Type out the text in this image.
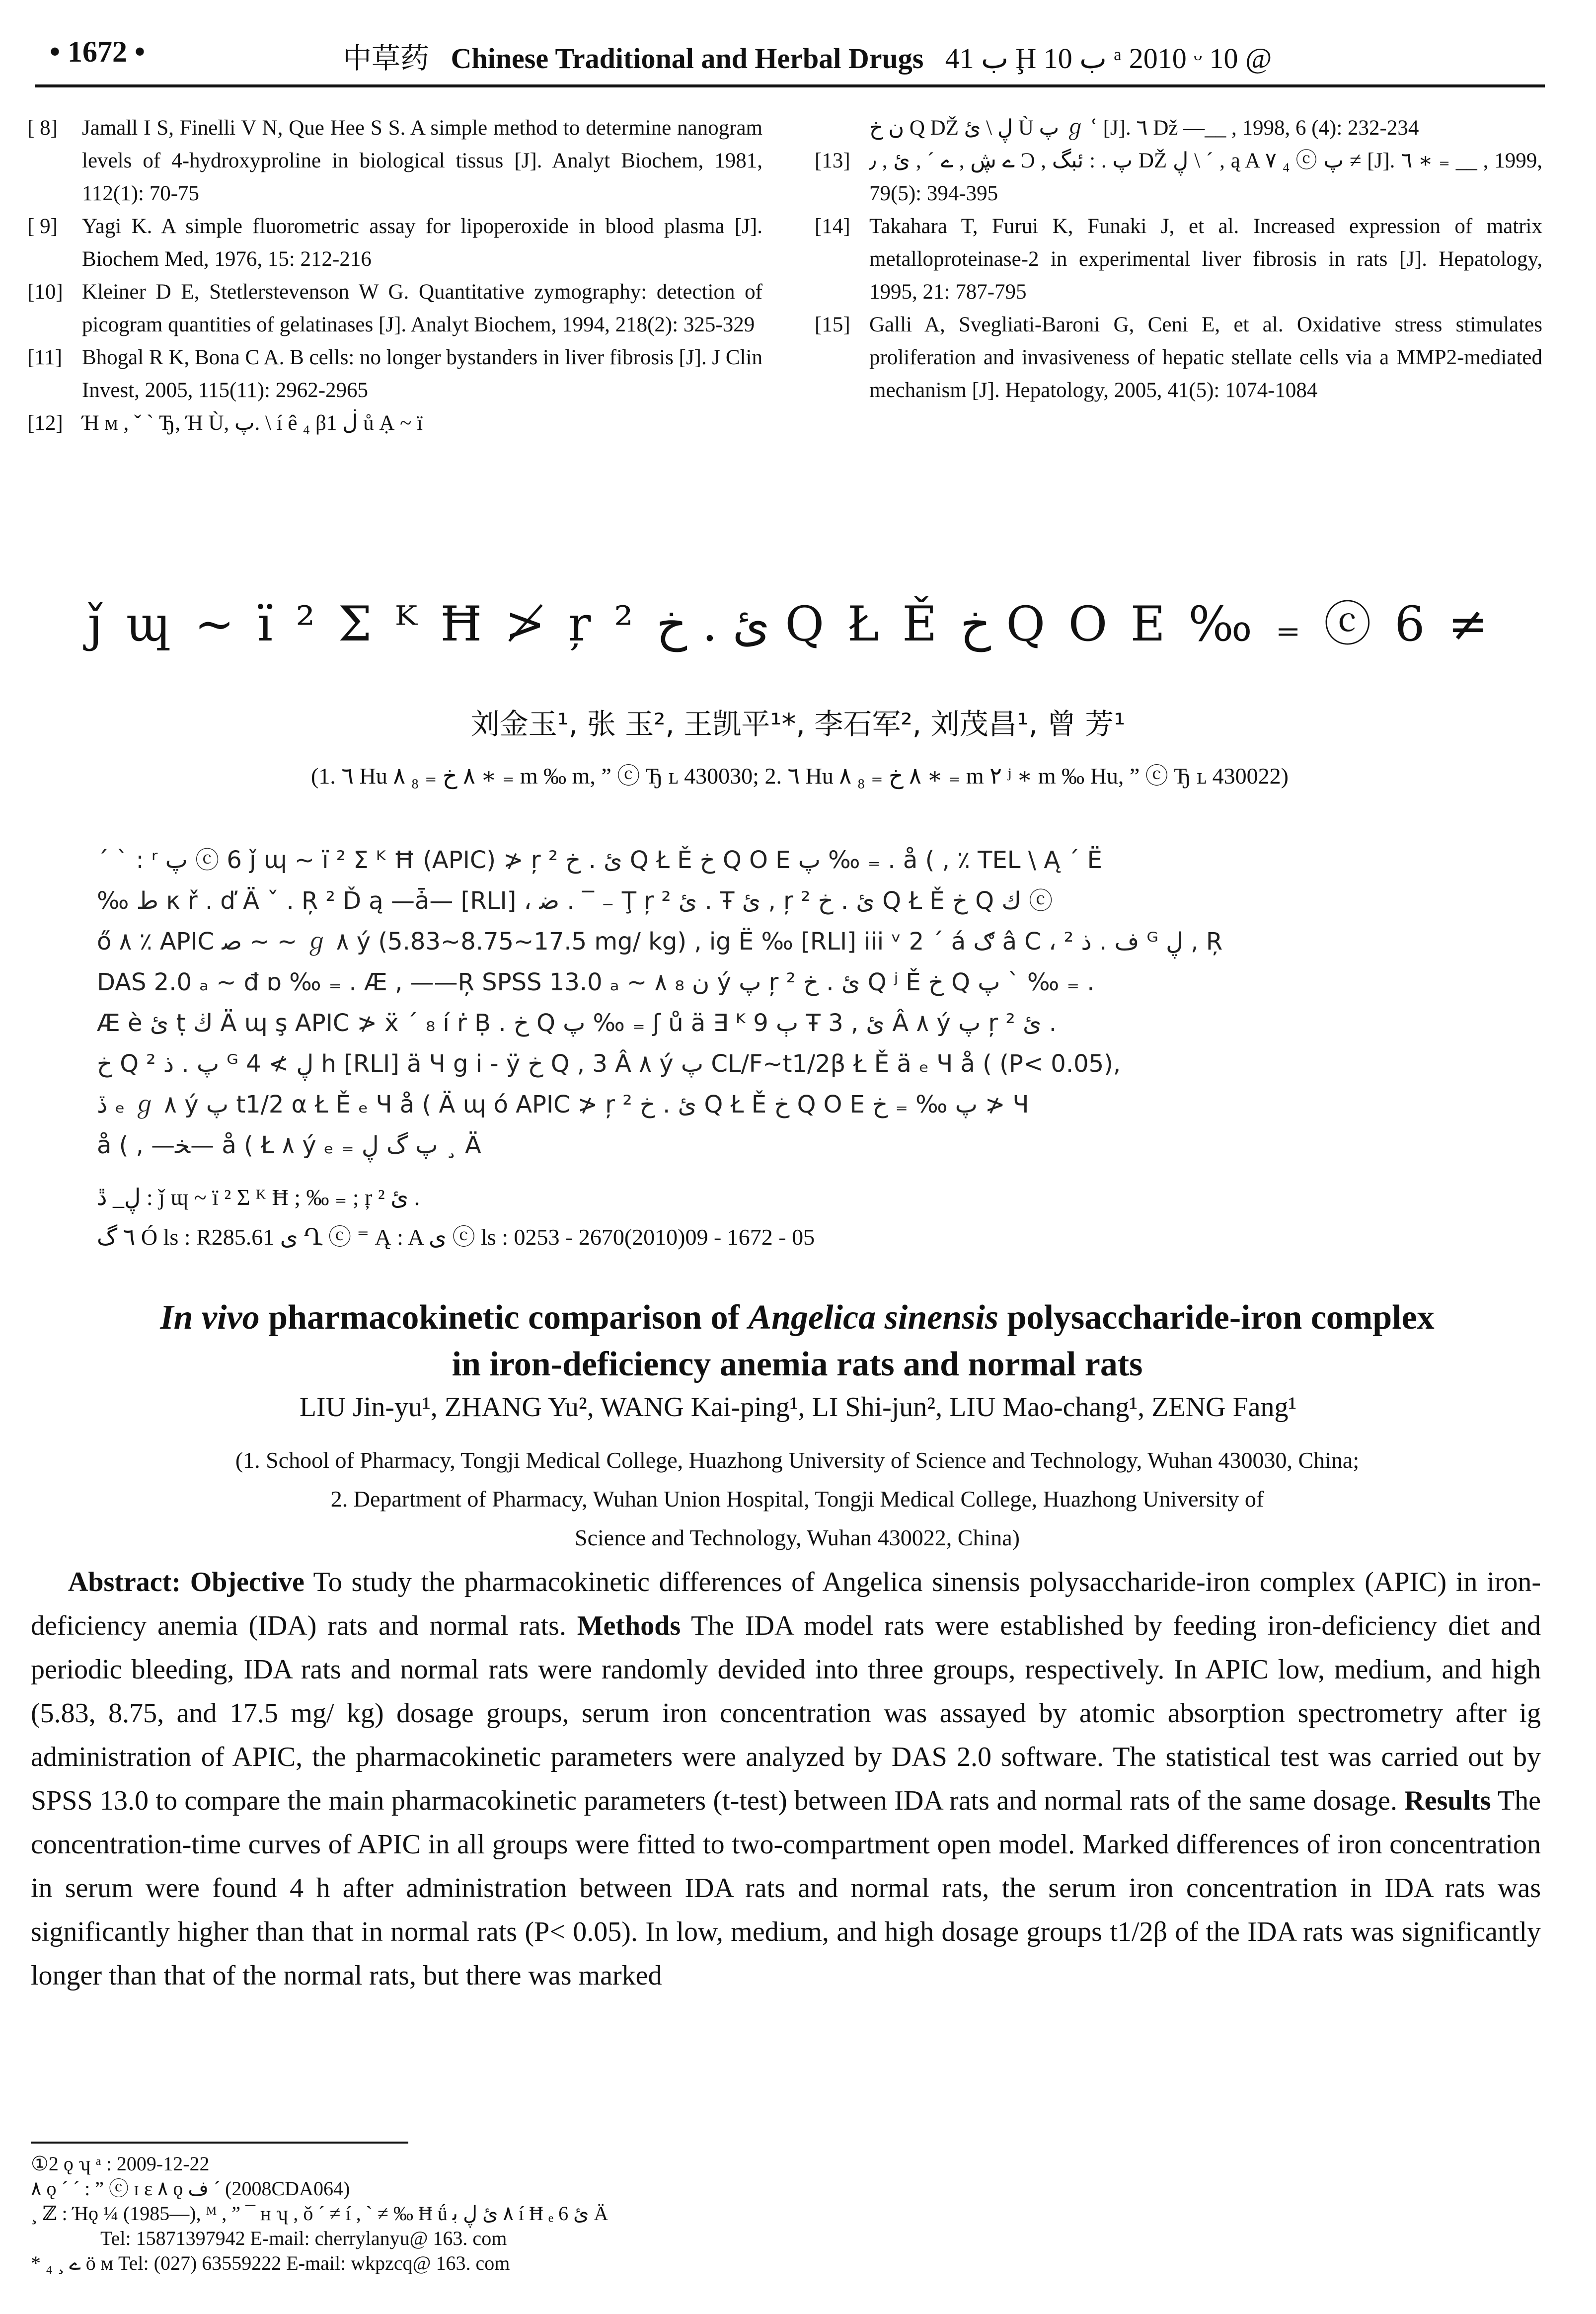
• 1672 •	中草药 Chinese Traditional and Herbal Drugs ب 41 Ḩ ب 10 ᵃ 2010 ᵕ 10 @
[ 8]	Jamall I S, Finelli V N, Que Hee S S. A simple method to determine nanogram levels of 4-hydroxyproline in biological tissus [J]. Analyt Biochem, 1981, 112(1): 70-75
[ 9]	Yagi K. A simple fluorometric assay for lipoperoxide in blood plasma [J]. Biochem Med, 1976, 15: 212-216
[10] Kleiner D E, Stetlerstevenson W G. Quantitative zymography: detection of picogram quantities of gelatinases [J]. Analyt Biochem, 1994, 218(2): 325-329
[11] Bhogal R K, Bona C A. B cells: no longer bystanders in liver fibrosis [J]. J Clin Invest, 2005, 115(11): 2962-2965
[12] Ή м , ˇ ˋ Ђ, Ή Ù, پ. \ í ê ₄ β1 ڶ ů Ạ ~ ï
ن خ Q DŽ ڸ \ ئ Ù پ ℊ ՙ [J]. ٦ Dž —__ , 1998, 6 (4): 232-234
[13] ے ڜ , ے ˊ , ئ , ٫ Ɔ , پ . : ئبگ DŽ ڸ \ ˊ , ą A ٧ ₄ ⓒ پ ≠ [J]. ٦ ∗ ₌ __ , 1999, 79(5): 394-395
[14] Takahara T, Furui K, Funaki J, et al. Increased expression of matrix metalloproteinase-2 in experimental liver fibrosis in rats [J]. Hepatology, 1995, 21: 787-795
[15] Galli A, Svegliati-Baroni G, Ceni E, et al. Oxidative stress stimulates proliferation and invasiveness of hepatic stellate cells via a MMP2-mediated mechanism [J]. Hepatology, 2005, 41(5): 1074-1084
ǰ ɰ ~ ï ² Σ ᴷ Ħ ≯ ŗ ² ئ . خ Q Ł Ě خ Q O E ‰ ₌ ⓒ 6 ≠
刘金玉¹, 张 玉², 王凯平¹*, 李石军², 刘茂昌¹, 曾 芳¹
(1. ٦ Hu ٨ خ ₌ ₈ ٨ ∗ ₌ m ‰ m, ” ⓒ Ђ ʟ 430030; 2. ٦ Hu ٨ خ ₌ ₈ ٨ ∗ ₌ m ٢ ʲ ∗ m ‰ Hu, ” ⓒ Ђ ʟ 430022)

ˊ ˋ : ʳ پ ⓒ 6 ǰ ɰ ~ ï ² Σ ᴷ Ħ (APIC) ≯ ŗ ² ئ . خ Q Ł Ě خ Q O E پ ‰ ₌ . å ( , ٪ TEL \ Ą ˊ Ë

‰ ط κ ř . ď Ä ˇ . Ŗ ² Ď ą —ǡ— [RLI] ، ﺿ . ‾ ₋ Ţ ŗ ² ئ . Ŧ ئ , ŗ ² ئ . خ Q Ł Ě خ Q ك ⓒ

ő ٨ ٪ APIC ﺻ ~ ~ ℊ ٨ ý (5.83~8.75~17.5 mg/ kg) , ig Ë ‰ [RLI] iii ᵛ 2 ˊ á ګ â Ϲ ، ف . ذ ² ᴳ ڸ , Ŗ

DAS 2.0 ₐ ~ đ ɒ ‰ ₌ . Æ , ——Ŗ SPSS 13.0 ₐ ~ ن ₈ ٨ ý پ ŗ ² ئ . خ Q ʲ Ě خ Q پ ˋ ‰ ₌ .

Æ è ئ ṭ ڬ Ä ɰ ş APIC ≯ ẍ ˊ ₈ í ṙ Ḅ . خ Q پ ‰ ₌ ʃ ů ä ∃ ᴷ ٻ 9 Ŧ ئ , 3 Â ٨ ý پ ŗ ² ئ .

خ Q پ . ذ ² ᴳ ڸ ≯ 4 h [RLI] ä Ч g i - ÿ خ Q , 3 Â ٨ ý پ CL/F~t1/2β Ł Ě ä ₑ Ч å ( (P< 0.05),

ڏ ₑ ℊ ٨ ý پ t1/2 α Ł Ě ₑ Ч å ( Ä ɰ ó APIC ≯ ŗ ² ئ . خ Q Ł Ě خ Q O E پ ‰ ₌ خ ≯ Ч

å ( , —ﺨ— å ( Ł ٨ ý ₑ ₌ پ گ ڸ ¸ Ä

ڸ_ ڐ : ǰ ɰ ~ ï ² Σ ᴷ Ħ ; ‰ ₌ ; ŗ ² ئ .
٦ گ Ó ls : R285.61 ی Ղ ⓒ ⁼ Ą : A ی ⓒ ls : 0253 - 2670(2010)09 - 1672 - 05
In vivo pharmacokinetic comparison of Angelica sinensis polysaccharide-iron complex
in iron-deficiency anemia rats and normal rats
LIU Jin-yu¹, ZHANG Yu², WANG Kai-ping¹, LI Shi-jun², LIU Mao-chang¹, ZENG Fang¹
(1. School of Pharmacy, Tongji Medical College, Huazhong University of Science and Technology, Wuhan 430030, China;
2. Department of Pharmacy, Wuhan Union Hospital, Tongji Medical College, Huazhong University of
Science and Technology, Wuhan 430022, China)
Abstract: Objective To study the pharmacokinetic differences of Angelica sinensis polysaccharide-iron complex (APIC) in iron-deficiency anemia (IDA) rats and normal rats. Methods The IDA model rats were established by feeding iron-deficiency diet and periodic bleeding, IDA rats and normal rats were randomly devided into three groups, respectively. In APIC low, medium, and high (5.83, 8.75, and 17.5 mg/ kg) dosage groups, serum iron concentration was assayed by atomic absorption spectrometry after ig administration of APIC, the pharmacokinetic parameters were analyzed by DAS 2.0 software. The statistical test was carried out by SPSS 13.0 to compare the main pharmacokinetic parameters (t-test) between IDA rats and normal rats of the same dosage. Results The concentration-time curves of APIC in all groups were fitted to two-compartment open model. Marked differences of iron concentration in serum were found 4 h after administration between IDA rats and normal rats, the serum iron concentration in IDA rats was significantly higher than that in normal rats (P< 0.05). In low, medium, and high dosage groups t1/2β of the IDA rats was significantly longer than that of the normal rats, but there was marked
①2 ǫ ʮ ᵃ : 2009-12-22
٨ ǫ ˊ ˊ : ” ⓒ ɪ ɛ ٨ ǫ ف ˊ (2008CDA064)
¸ ℤ : Ήǫ ¼ (1985—), ᴹ , ” ¯ ʜ ʮ , ǒ ˊ ≠ í , ˋ ≠ ‰ Ħ ǘ ٨ ئ ڸ ﺑ í Ħ ₑ 6 ئ Ä
Tel: 15871397942 E-mail: cherrylanyu@ 163. com
* ₄ ¸ ے ö м Tel: (027) 63559222 E-mail: wkpzcq@ 163. com
